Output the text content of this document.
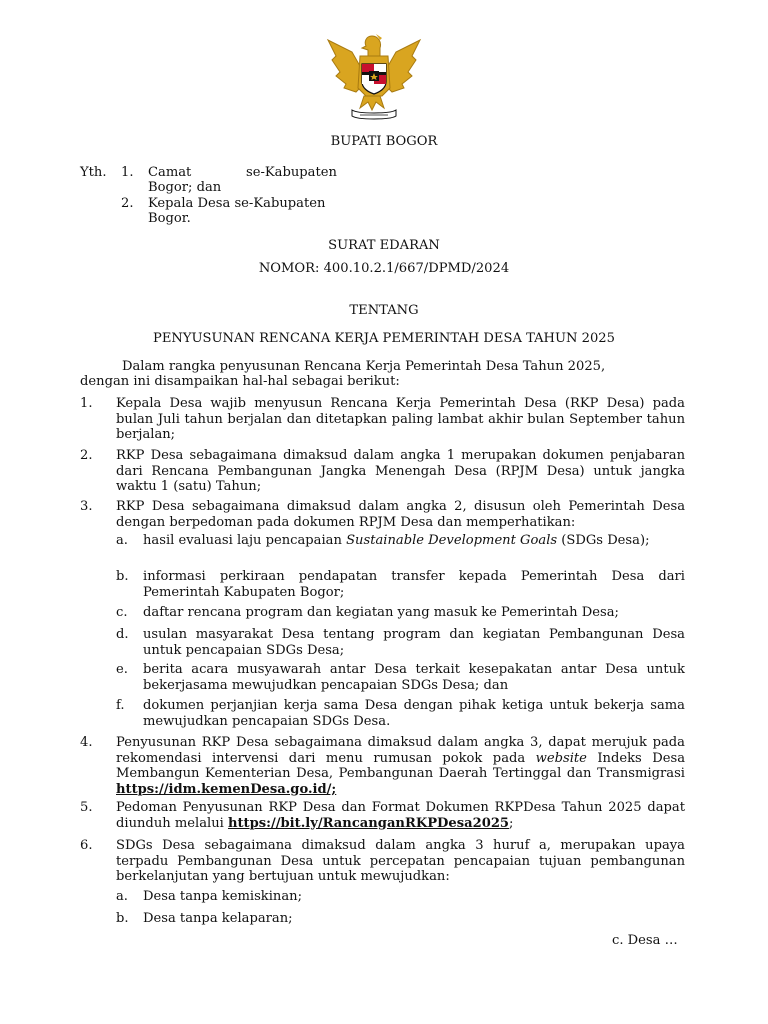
BUPATI BOGOR
Yth. 1. Camat	se-Kabupaten
Bogor; dan
2. Kepala Desa se-Kabupaten
Bogor.
SURAT EDARAN
NOMOR: 400.10.2.1/667/DPMD/2024
TENTANG
PENYUSUNAN RENCANA KERJA PEMERINTAH DESA TAHUN 2025
Dalam rangka penyusunan Rencana Kerja Pemerintah Desa Tahun 2025,
dengan ini disampaikan hal-hal sebagai berikut:
1. Kepala Desa wajib menyusun Rencana Kerja Pemerintah Desa (RKP Desa) pada bulan Juli tahun berjalan dan ditetapkan paling lambat akhir bulan September tahun berjalan;
2. RKP Desa sebagaimana dimaksud dalam angka 1 merupakan dokumen penjabaran dari Rencana Pembangunan Jangka Menengah Desa (RPJM Desa) untuk jangka waktu 1 (satu) Tahun;
3. RKP Desa sebagaimana dimaksud dalam angka 2, disusun oleh Pemerintah Desa dengan berpedoman pada dokumen RPJM Desa dan memperhatikan:
a. hasil evaluasi laju pencapaian Sustainable Development Goals (SDGs Desa);
b. informasi perkiraan pendapatan transfer kepada Pemerintah Desa dari Pemerintah Kabupaten Bogor;
c. daftar rencana program dan kegiatan yang masuk ke Pemerintah Desa;
d. usulan masyarakat Desa tentang program dan kegiatan Pembangunan Desa untuk pencapaian SDGs Desa;
e. berita acara musyawarah antar Desa terkait kesepakatan antar Desa untuk bekerjasama mewujudkan pencapaian SDGs Desa; dan
f. dokumen perjanjian kerja sama Desa dengan pihak ketiga untuk bekerja sama mewujudkan pencapaian SDGs Desa.
4. Penyusunan RKP Desa sebagaimana dimaksud dalam angka 3, dapat merujuk pada rekomendasi intervensi dari menu rumusan pokok pada website Indeks Desa Membangun Kementerian Desa, Pembangunan Daerah Tertinggal dan Transmigrasi https://idm.kemenDesa.go.id/;
5. Pedoman Penyusunan RKP Desa dan Format Dokumen RKPDesa Tahun 2025 dapat diunduh melalui https://bit.ly/RancanganRKPDesa2025;
6. SDGs Desa sebagaimana dimaksud dalam angka 3 huruf a, merupakan upaya terpadu Pembangunan Desa untuk percepatan pencapaian tujuan pembangunan berkelanjutan yang bertujuan untuk mewujudkan:
a. Desa tanpa kemiskinan;
b. Desa tanpa kelaparan;
c. Desa …
